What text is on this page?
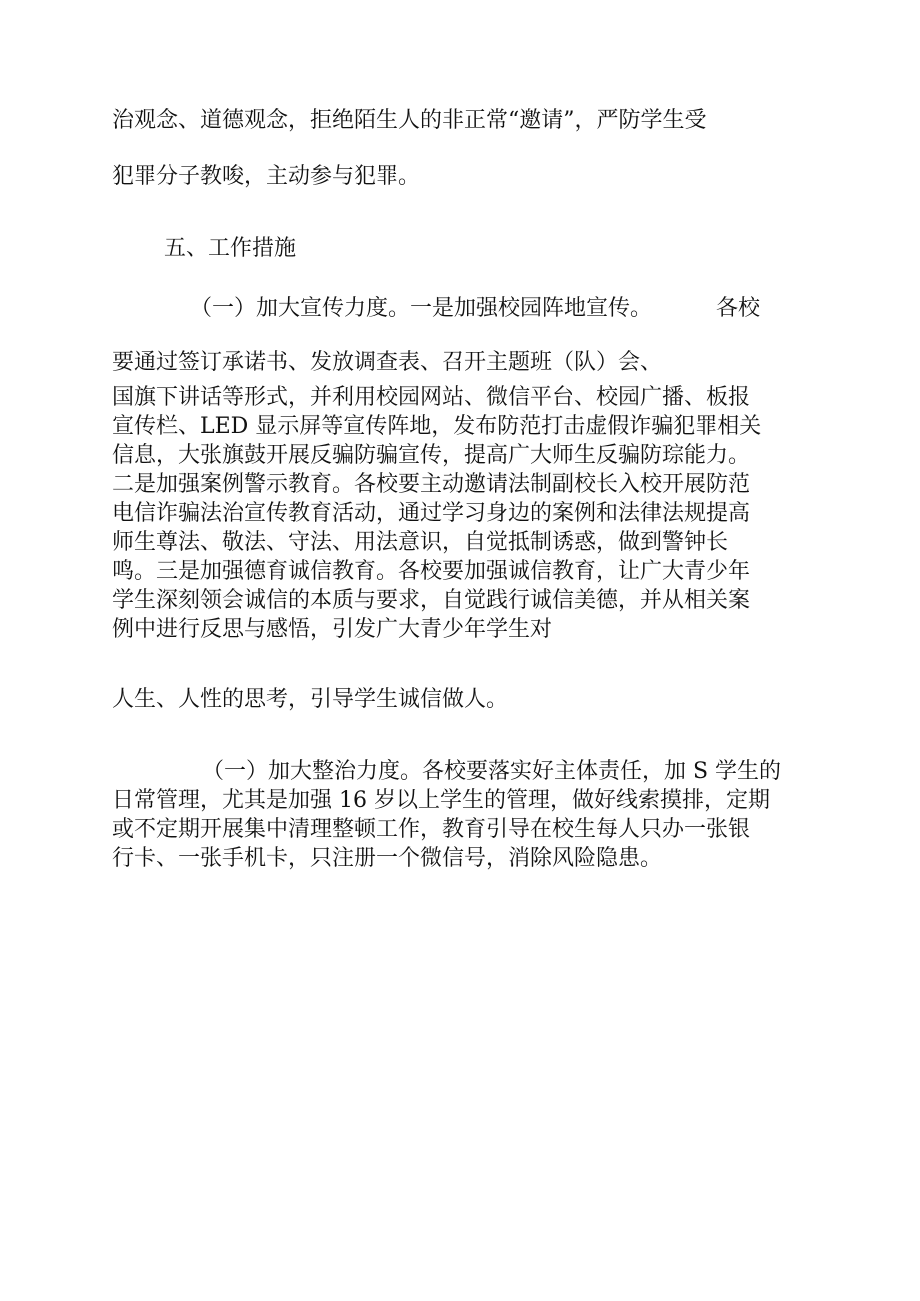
治观念、道德观念，拒绝陌生人的非正常“邀请”，严防学生受
犯罪分子教唆，主动参与犯罪。
五、工作措施
（一）加大宣传力度。一是加强校园阵地宣传。	各校
要通过签订承诺书、发放调查表、召开主题班（队）会、
国旗下讲话等形式，并利用校园网站、微信平台、校园广播、板报
宣传栏、LED 显示屏等宣传阵地，发布防范打击虚假诈骗犯罪相关
信息，大张旗鼓开展反骗防骗宣传，提高广大师生反骗防琮能力。
二是加强案例警示教育。各校要主动邀请法制副校长入校开展防范
电信诈骗法治宣传教育活动，通过学习身边的案例和法律法规提高
师生尊法、敬法、守法、用法意识，自觉抵制诱惑，做到警钟长
鸣。三是加强德育诚信教育。各校要加强诚信教育，让广大青少年
学生深刻领会诚信的本质与要求，自觉践行诚信美德，并从相关案
例中进行反思与感悟，引发广大青少年学生对
人生、人性的思考，引导学生诚信做人。
（一）加大整治力度。各校要落实好主体责任，加 S 学生的
日常管理，尤其是加强 16 岁以上学生的管理，做好线索摸排，定期
或不定期开展集中清理整顿工作，教育引导在校生每人只办一张银
行卡、一张手机卡，只注册一个微信号，消除风险隐患。
